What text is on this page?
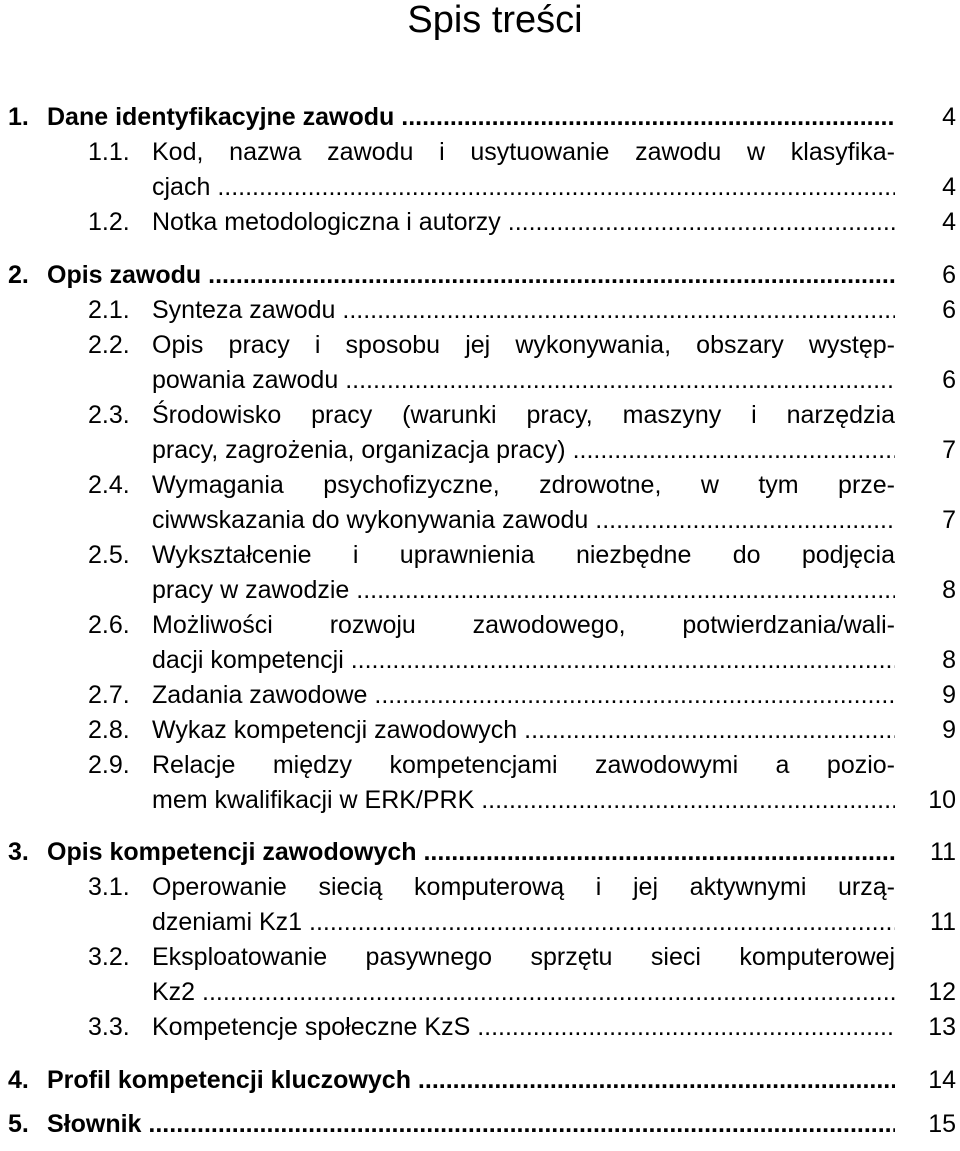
Spis treści
1. Dane identyfikacyjne zawodu .....	4
1.1. Kod, nazwa zawodu i usytuowanie zawodu w klasyfika-
cjach .....	4
1.2. Notka metodologiczna i autorzy .....	4
2. Opis zawodu .....	6
2.1. Synteza zawodu .....	6
2.2. Opis pracy i sposobu jej wykonywania, obszary występ-
powania zawodu .....	6
2.3. Środowisko pracy (warunki pracy, maszyny i narzędzia
pracy, zagrożenia, organizacja pracy) .....	7
2.4. Wymagania psychofizyczne, zdrowotne, w tym prze-
ciwwskazania do wykonywania zawodu .....	7
2.5. Wykształcenie i uprawnienia niezbędne do podjęcia
pracy w zawodzie .....	8
2.6. Możliwości rozwoju zawodowego, potwierdzania/wali-
dacji kompetencji .....	8
2.7. Zadania zawodowe .....	9
2.8. Wykaz kompetencji zawodowych .....	9
2.9. Relacje między kompetencjami zawodowymi a pozio-
mem kwalifikacji w ERK/PRK .....	10
3. Opis kompetencji zawodowych .....	11
3.1. Operowanie siecią komputerową i jej aktywnymi urzą-
dzeniami Kz1 .....	11
3.2. Eksploatowanie pasywnego sprzętu sieci komputerowej
Kz2 .....	12
3.3. Kompetencje społeczne KzS .....	13
4. Profil kompetencji kluczowych .....	14
5. Słownik .....	15
